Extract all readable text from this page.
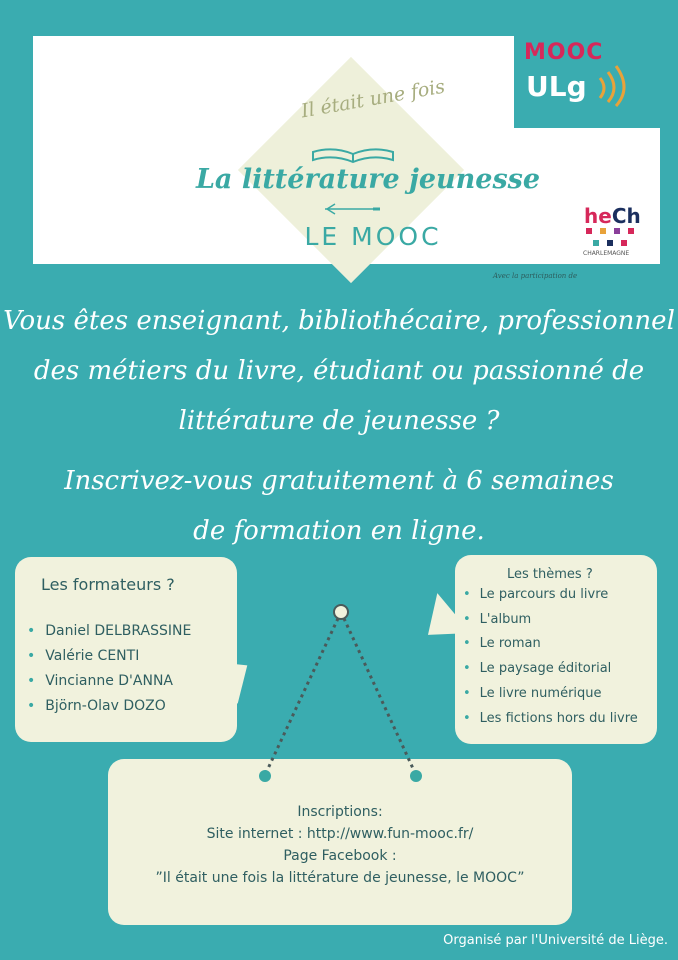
Il était une fois
La littérature jeunesse
LE MOOC
Avec la participation de
MOOC
ULg
heCh
CHARLEMAGNE

Vous êtes enseignant, bibliothécaire, professionnel

des métiers du livre, étudiant ou passionné de

littérature de jeunesse ?

Inscrivez-vous gratuitement à 6 semaines

de formation en ligne.

Les formateurs ?
• Daniel DELBRASSINE
• Valérie CENTI
• Vincianne D'ANNA
• Björn-Olav DOZO
Les thèmes ?
• Le parcours du livre
• L'album
• Le roman
• Le paysage éditorial
• Le livre numérique
• Les fictions hors du livre
Inscriptions:
Site internet : http://www.fun-mooc.fr/
Page Facebook :
”Il était une fois la littérature de jeunesse, le MOOC”
Organisé par l'Université de Liège.
